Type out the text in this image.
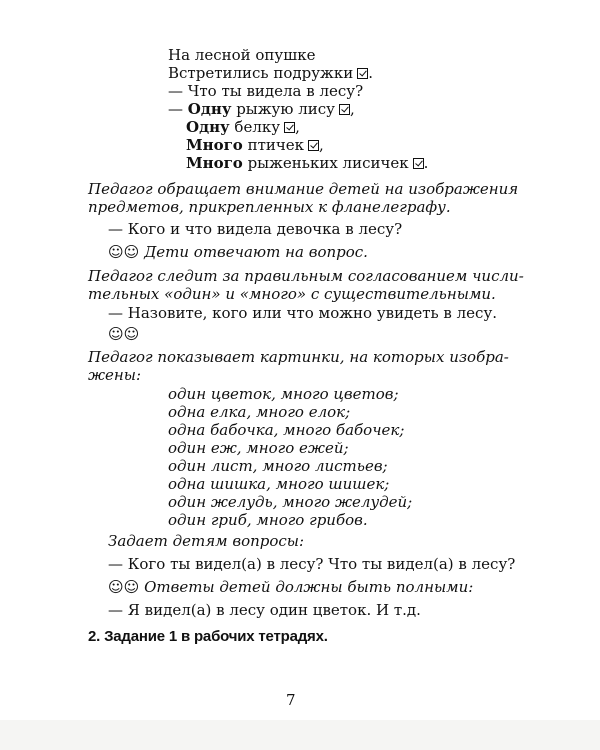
На лесной опушке
Встретились подружки .
— Что ты видела в лесу?
— Одну рыжую лису ,
Одну белку ,
Много птичек ,
Много рыженьких лисичек .
Педагог обращает внимание детей на изображения
предметов, прикрепленных к фланелеграфу.
— Кого и что видела девочка в лесу?
☺☺ Дети отвечают на вопрос.
Педагог следит за правильным согласованием числи-
тельных «один» и «много» с существительными.
— Назовите, кого или что можно увидеть в лесу.
☺☺
Педагог показывает картинки, на которых изобра-
жены:
один цветок, много цветов;
одна елка, много елок;
одна бабочка, много бабочек;
один еж, много ежей;
один лист, много листьев;
одна шишка, много шишек;
один желудь, много желудей;
один гриб, много грибов.
Задает детям вопросы:
— Кого ты видел(а) в лесу? Что ты видел(а) в лесу?
☺☺ Ответы детей должны быть полными:
— Я видел(а) в лесу один цветок. И т.д.
2. Задание 1 в рабочих тетрадях.
7
